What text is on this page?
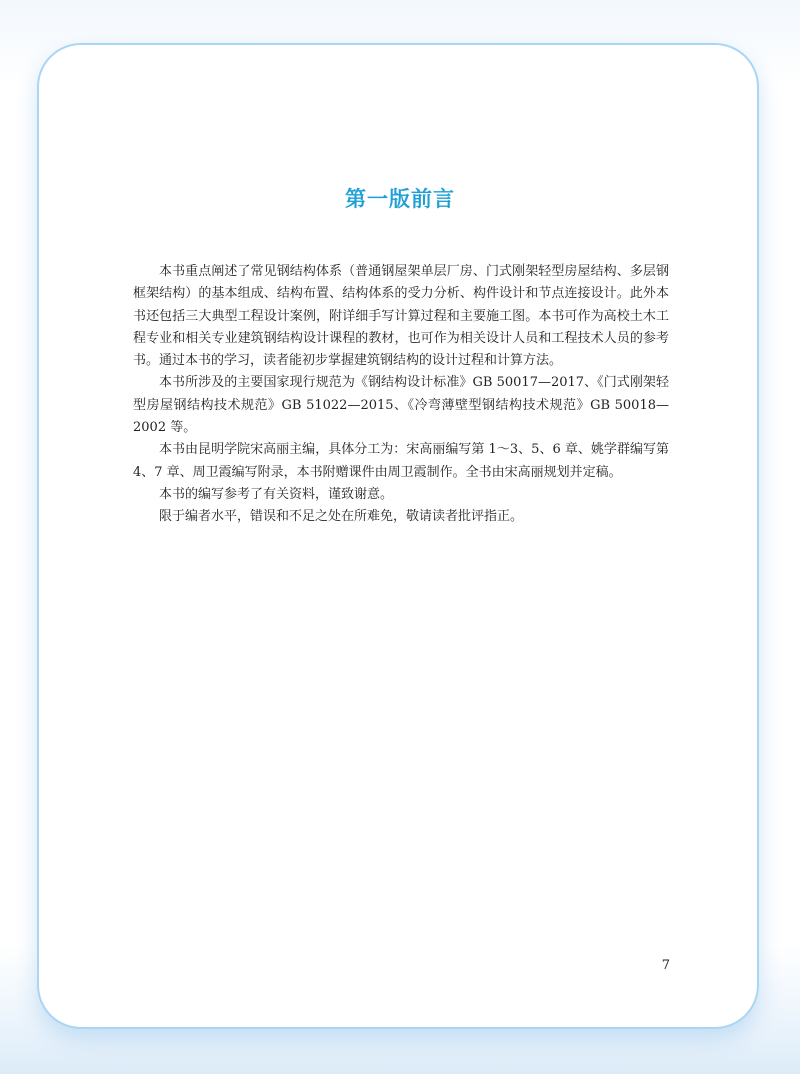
第一版前言

本书重点阐述了常见钢结构体系（普通钢屋架单层厂房、门式刚架轻型房屋结构、多层钢框架结构）的基本组成、结构布置、结构体系的受力分析、构件设计和节点连接设计。此外本书还包括三大典型工程设计案例，附详细手写计算过程和主要施工图。本书可作为高校土木工程专业和相关专业建筑钢结构设计课程的教材，也可作为相关设计人员和工程技术人员的参考书。通过本书的学习，读者能初步掌握建筑钢结构的设计过程和计算方法。

本书所涉及的主要国家现行规范为《钢结构设计标准》GB 50017—2017、《门式刚架轻型房屋钢结构技术规范》GB 51022—2015、《冷弯薄壁型钢结构技术规范》GB 50018—2002 等。

本书由昆明学院宋高丽主编，具体分工为：宋高丽编写第 1～3、5、6 章、姚学群编写第 4、7 章、周卫霞编写附录，本书附赠课件由周卫霞制作。全书由宋高丽规划并定稿。

本书的编写参考了有关资料，谨致谢意。

限于编者水平，错误和不足之处在所难免，敬请读者批评指正。

7
